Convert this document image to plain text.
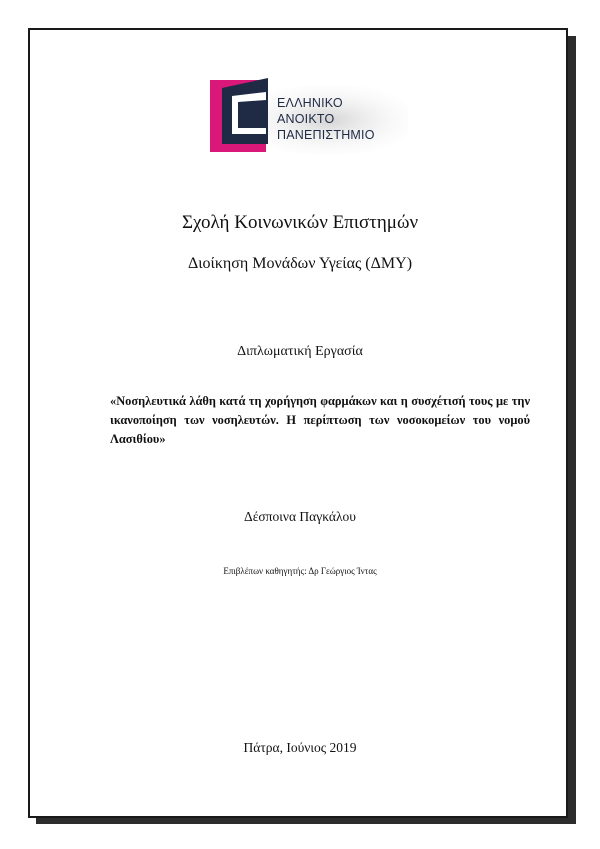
ΕΛΛΗΝΙΚΟ
ΑΝΟΙΚΤΟ
ΠΑΝΕΠΙΣΤΗΜΙΟ
Σχολή Κοινωνικών Επιστημών
Διοίκηση Μονάδων Υγείας (ΔΜΥ)
Διπλωματική Εργασία
«Νοσηλευτικά λάθη κατά τη χορήγηση φαρμάκων και η συσχέτισή τους με την ικανοποίηση των νοσηλευτών. Η περίπτωση των νοσοκομείων του νομού Λασιθίου»
Δέσποινα Παγκάλου
Επιβλέπων καθηγητής: Δρ Γεώργιος Ίντας
Πάτρα, Ιούνιος 2019
